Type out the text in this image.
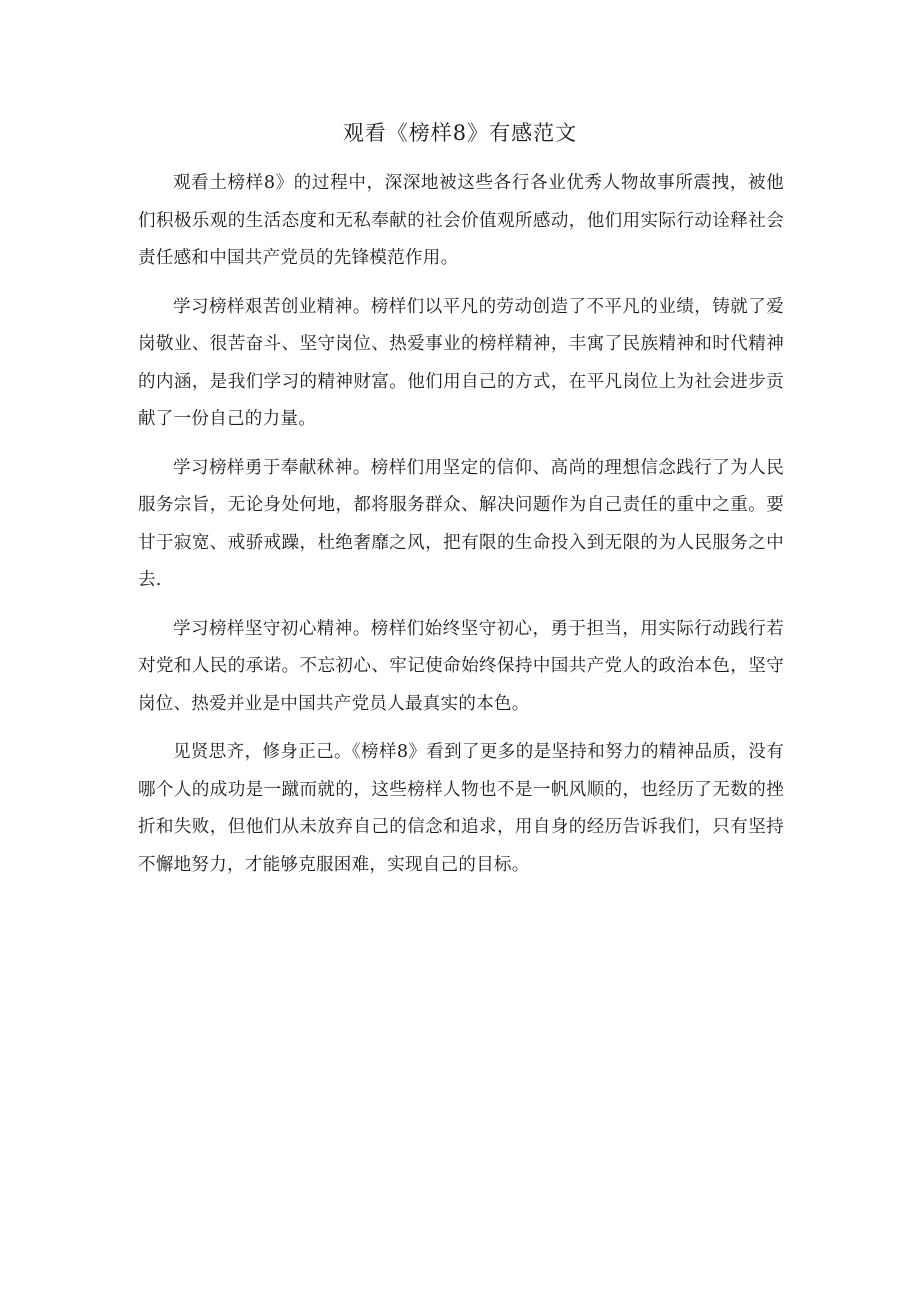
观看《榜样8》有感范文

观看土榜样8》的过程中，深深地被这些各行各业优秀人物故事所震拽，被他们积极乐观的生活态度和无私奉献的社会价值观所感动，他们用实际行动诠释社会责任感和中国共产党员的先锋模范作用。

学习榜样艰苦创业精神。榜样们以平凡的劳动创造了不平凡的业绩，铸就了爱岗敬业、很苦奋斗、坚守岗位、热爱事业的榜样精神，丰寓了民族精神和时代精神的内涵，是我们学习的精神财富。他们用自己的方式，在平凡岗位上为社会进步贡献了一份自己的力量。

学习榜样勇于奉献秫神。榜样们用坚定的信仰、高尚的理想信念践行了为人民服务宗旨，无论身处何地，都将服务群众、解决问题作为自己责任的重中之重。要甘于寂宽、戒骄戒躁，杜绝奢靡之风，把有限的生命投入到无限的为人民服务之中去.

学习榜样坚守初心精神。榜样们始终坚守初心，勇于担当，用实际行动践行若对党和人民的承诺。不忘初心、牢记使命始终保持中国共产党人的政治本色，坚守岗位、热爱并业是中国共产党员人最真实的本色。

见贤思齐，修身正己。《榜样8》看到了更多的是坚持和努力的精神品质，没有哪个人的成功是一蹴而就的，这些榜样人物也不是一帆风顺的，也经历了无数的挫折和失败，但他们从未放弃自己的信念和追求，用自身的经历告诉我们，只有坚持不懈地努力，才能够克服困难，实现自己的目标。
